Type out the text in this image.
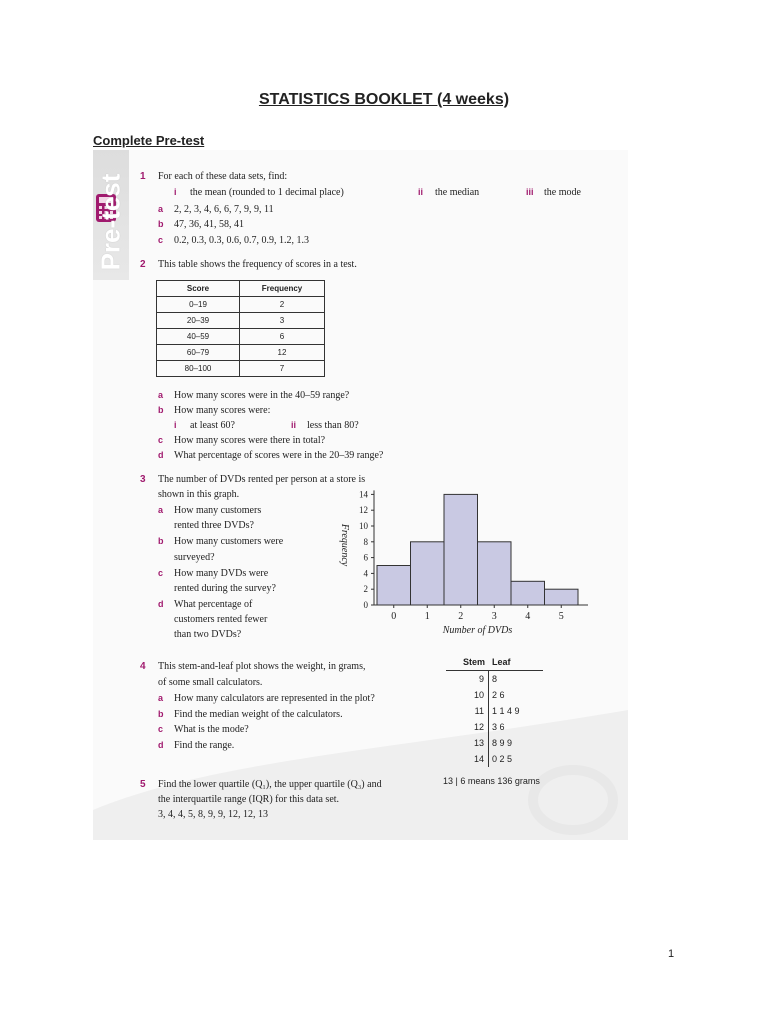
STATISTICS BOOKLET (4 weeks)
Complete Pre-test
Pre-test 1 For each of these data sets, find:
i the mean (rounded to 1 decimal place)	ii the median	iii the mode
a 2, 2, 3, 4, 6, 6, 7, 9, 9, 11
b 47, 36, 41, 58, 41
c 0.2, 0.3, 0.3, 0.6, 0.7, 0.9, 1.2, 1.3
2 This table shows the frequency of scores in a test.
Score	Frequency
0–19	2
20–39	3
40–59	6
60–79	12
80–100	7
a How many scores were in the 40–59 range?
b How many scores were:
i at least 60?	ii less than 80?
c How many scores were there in total?
d What percentage of scores were in the 20–39 range?
3 The number of DVDs rented per person at a store is
shown in this graph.
a How many customers
rented three DVDs?
b How many customers were
surveyed?
c How many DVDs were
rented during the survey?
d What percentage of
customers rented fewer
than two DVDs?
0
2
4
6
8
10
12
14
0	1	2	3	4	5
Number of DVDs
Frequency
4 This stem-and-leaf plot shows the weight, in grams,
of some small calculators.
a How many calculators are represented in the plot?
b Find the median weight of the calculators.
c What is the mode?
d Find the range.
Stem Leaf
9 8
10 2 6
11 1 1 4 9
12 3 6
13 8 9 9
14 0 2 5
13 | 6 means 136 grams
5 Find the lower quartile (Q₁), the upper quartile (Q₃) and
the interquartile range (IQR) for this data set.
3, 4, 4, 5, 8, 9, 9, 12, 12, 13
1
